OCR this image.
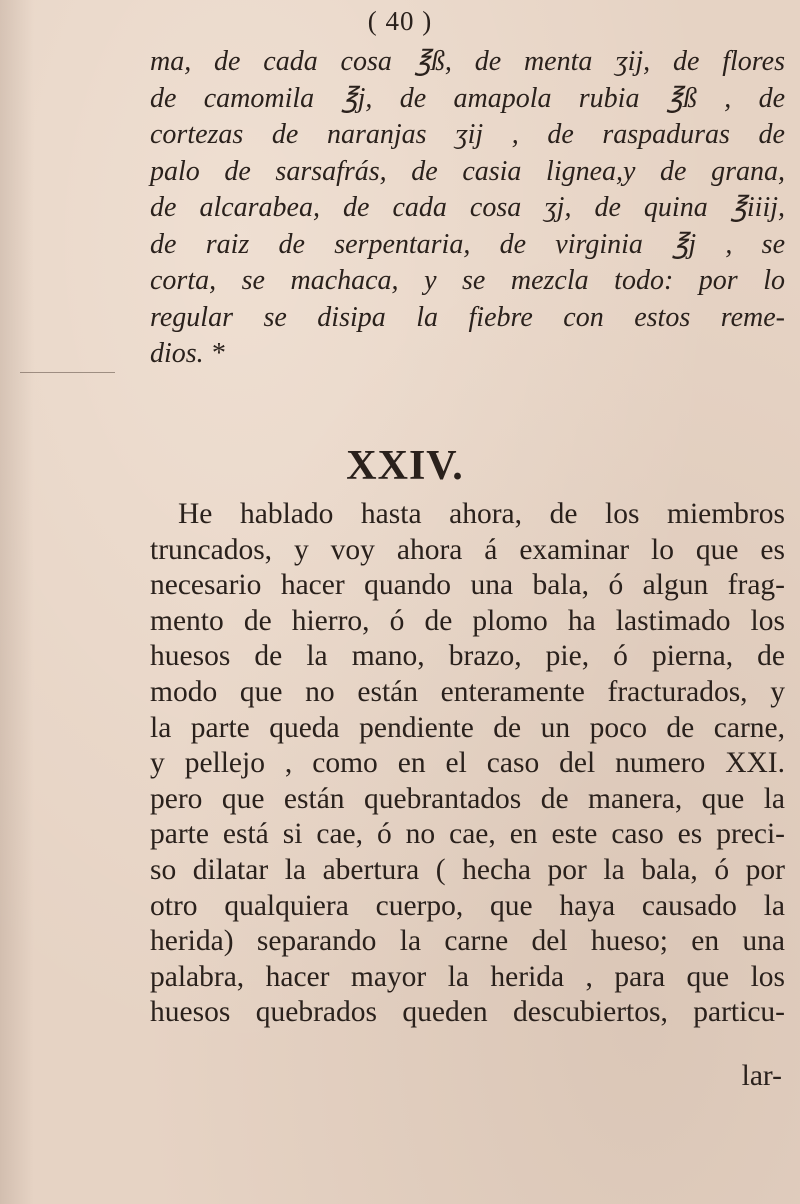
( 40 )
ma, de cada cosa ℥ß, de menta ʒij, de flores
de camomila ℥j, de amapola rubia ℥ß , de
cortezas de naranjas ʒij , de raspaduras de
palo de sarsafrás, de casia lignea,y de grana,
de alcarabea, de cada cosa ʒj, de quina ℥iiij,
de raiz de serpentaria, de virginia ℥j , se
corta, se machaca, y se mezcla todo: por lo
regular se disipa la fiebre con estos reme-
dios. *
XXIV.
He hablado hasta ahora, de los miembros
truncados, y voy ahora á examinar lo que es
necesario hacer quando una bala, ó algun frag-
mento de hierro, ó de plomo ha lastimado los
huesos de la mano, brazo, pie, ó pierna, de
modo que no están enteramente fracturados, y
la parte queda pendiente de un poco de carne,
y pellejo , como en el caso del numero XXI.
pero que están quebrantados de manera, que la
parte está si cae, ó no cae, en este caso es preci-
so dilatar la abertura ( hecha por la bala, ó por
otro qualquiera cuerpo, que haya causado la
herida) separando la carne del hueso; en una
palabra, hacer mayor la herida , para que los
huesos quebrados queden descubiertos, particu-
lar-
